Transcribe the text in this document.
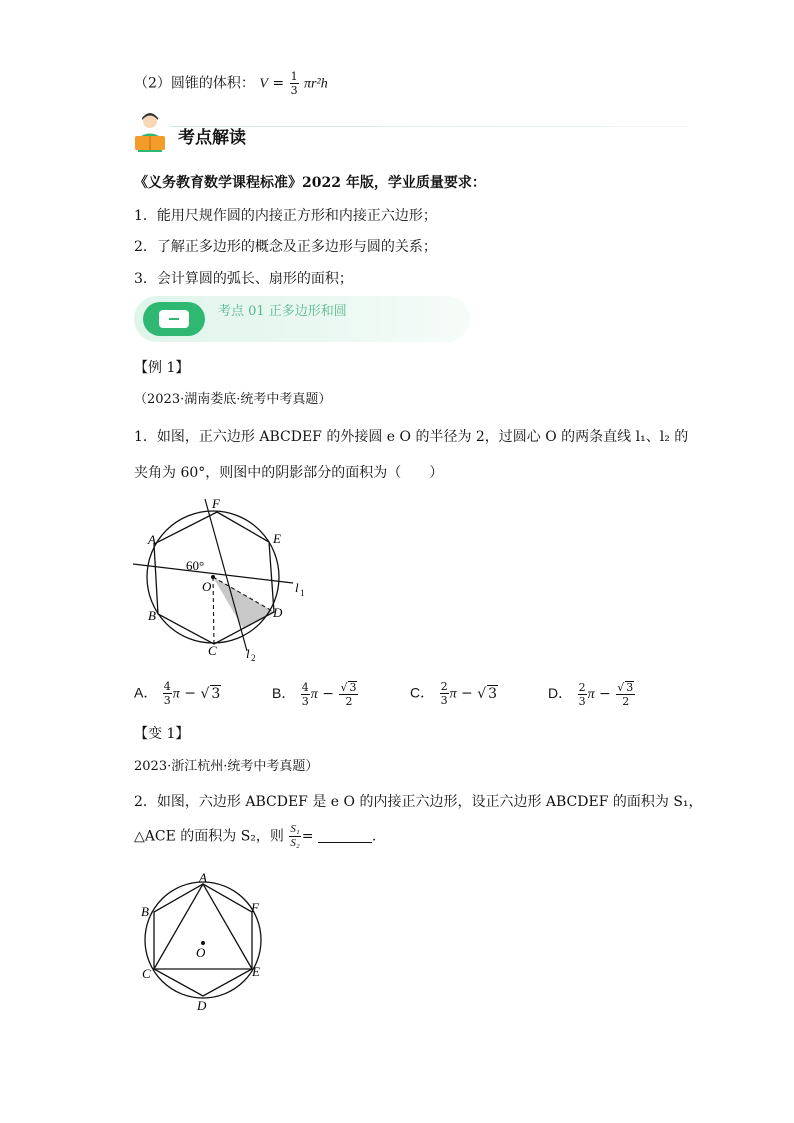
（2）圆锥的体积： $V = \frac{1}{3} \pi r^2h$
考点解读
《义务教育数学课程标准》2022 年版，学业质量要求：
1．能用尺规作圆的内接正方形和内接正六边形；
2．了解正多边形的概念及正多边形与圆的关系；
3．会计算圆的弧长、扇形的面积；
考点 01 正多边形和圆
【例 1】
（2023·湖南娄底·统考中考真题）
1．如图，正六边形 ABCDEF 的外接圆 e O 的半径为 2，过圆心 O 的两条直线 l₁、l₂ 的
夹角为 60°，则图中的阴影部分的面积为（　　）
F
E
A
B
C
D
O
60°
l 1
l 2
A． $\frac{4}{3}$ π − √ 3	B． $\frac{4}{3}$ $\pi - \frac{√ 3}{2}$	C． $\frac{2}{3}$ π − √ 3	D． $\frac{2}{3}$ $\pi - \frac{√ 3}{2}$
【变 1】
2023·浙江杭州·统考中考真题）
2．如图，六边形 ABCDEF 是 e O 的内接正六边形，设正六边形 ABCDEF 的面积为 S₁，
△ACE 的面积为 S₂，则 $\frac{\text{S₁}}{\text{S₂}}$ =	.
A
B	F
C	E
D
O
